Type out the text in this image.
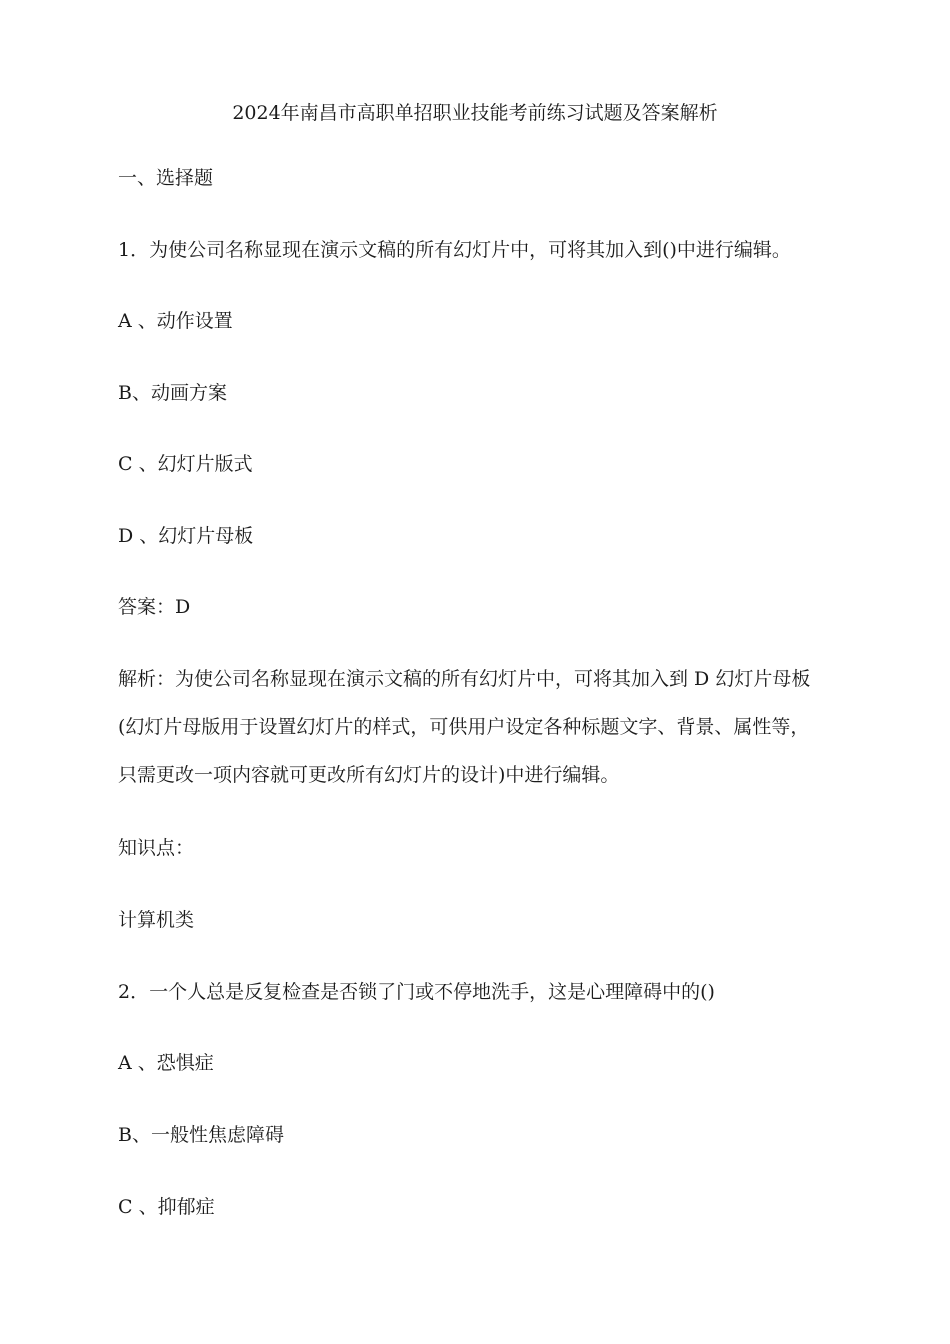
2024年南昌市高职单招职业技能考前练习试题及答案解析
一、选择题
1．为使公司名称显现在演示文稿的所有幻灯片中，可将其加入到()中进行编辑。
A 、动作设置
B、动画方案
C 、幻灯片版式
D 、幻灯片母板
答案：D
解析：为使公司名称显现在演示文稿的所有幻灯片中，可将其加入到 D 幻灯片母板
(幻灯片母版用于设置幻灯片的样式，可供用户设定各种标题文字、背景、属性等，
只需更改一项内容就可更改所有幻灯片的设计)中进行编辑。
知识点：
计算机类
2．一个人总是反复检查是否锁了门或不停地洗手，这是心理障碍中的()
A 、恐惧症
B、一般性焦虑障碍
C 、抑郁症
